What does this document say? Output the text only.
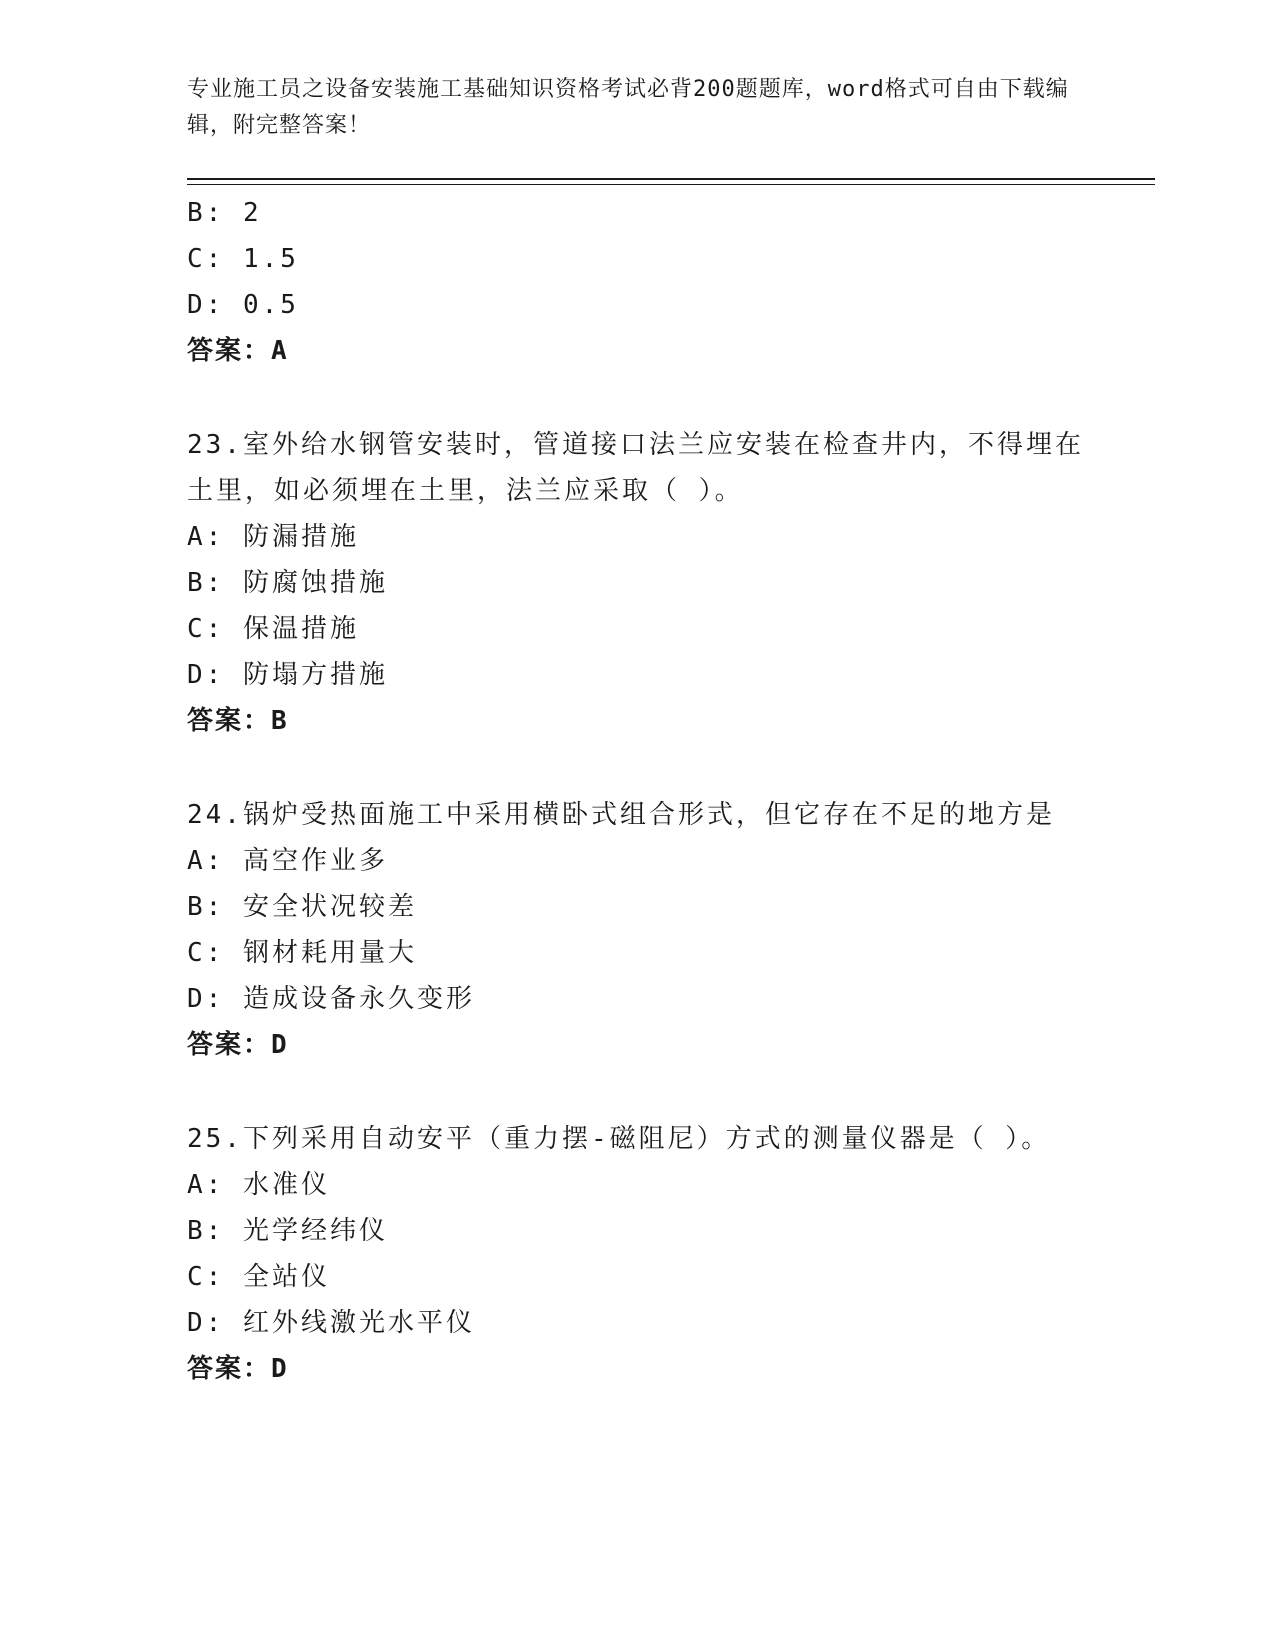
专业施工员之设备安装施工基础知识资格考试必背200题题库，word格式可自由下载编辑，附完整答案！
B: 2
C: 1.5
D: 0.5
答案：A
23.室外给水钢管安装时，管道接口法兰应安装在检查井内，不得埋在土里，如必须埋在土里，法兰应采取（ ）。
A: 防漏措施
B: 防腐蚀措施
C: 保温措施
D: 防塌方措施
答案：B
24.锅炉受热面施工中采用横卧式组合形式，但它存在不足的地方是
A: 高空作业多
B: 安全状况较差
C: 钢材耗用量大
D: 造成设备永久变形
答案：D
25.下列采用自动安平（重力摆-磁阻尼）方式的测量仪器是（ ）。
A: 水准仪
B: 光学经纬仪
C: 全站仪
D: 红外线激光水平仪
答案：D
